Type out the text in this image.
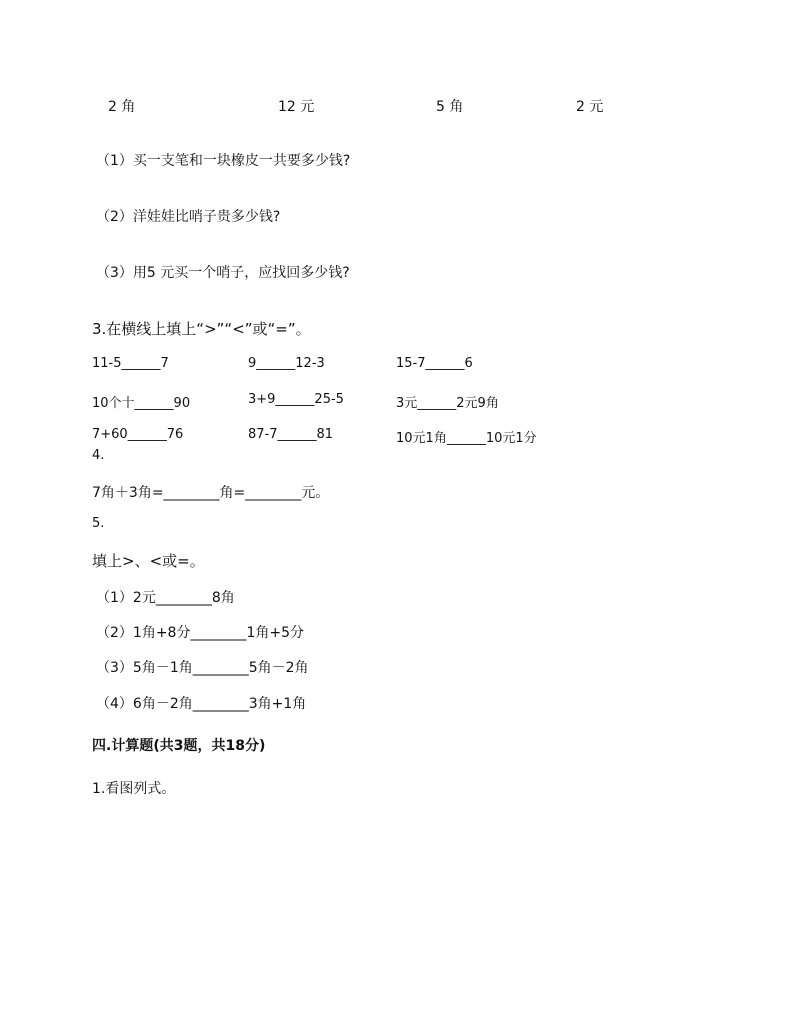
2 角	12 元	5 角	2 元
（1）买一支笔和一块橡皮一共要多少钱?
（2）洋娃娃比哨子贵多少钱?
（3）用5 元买一个哨子，应找回多少钱?
3.在横线上填上“>”“<”或“=”。
11-5______7	9______12-3	15-7______6
10个十______90	3+9______25-5	3元______2元9角
7+60______76	87-7______81	10元1角______10元1分
4.
7角＋3角=________角=________元。
5.
填上>、<或=。
（1）2元________8角
（2）1角+8分________1角+5分
（3）5角－1角________5角－2角
（4）6角－2角________3角+1角
四.计算题(共3题，共18分)
1.看图列式。
